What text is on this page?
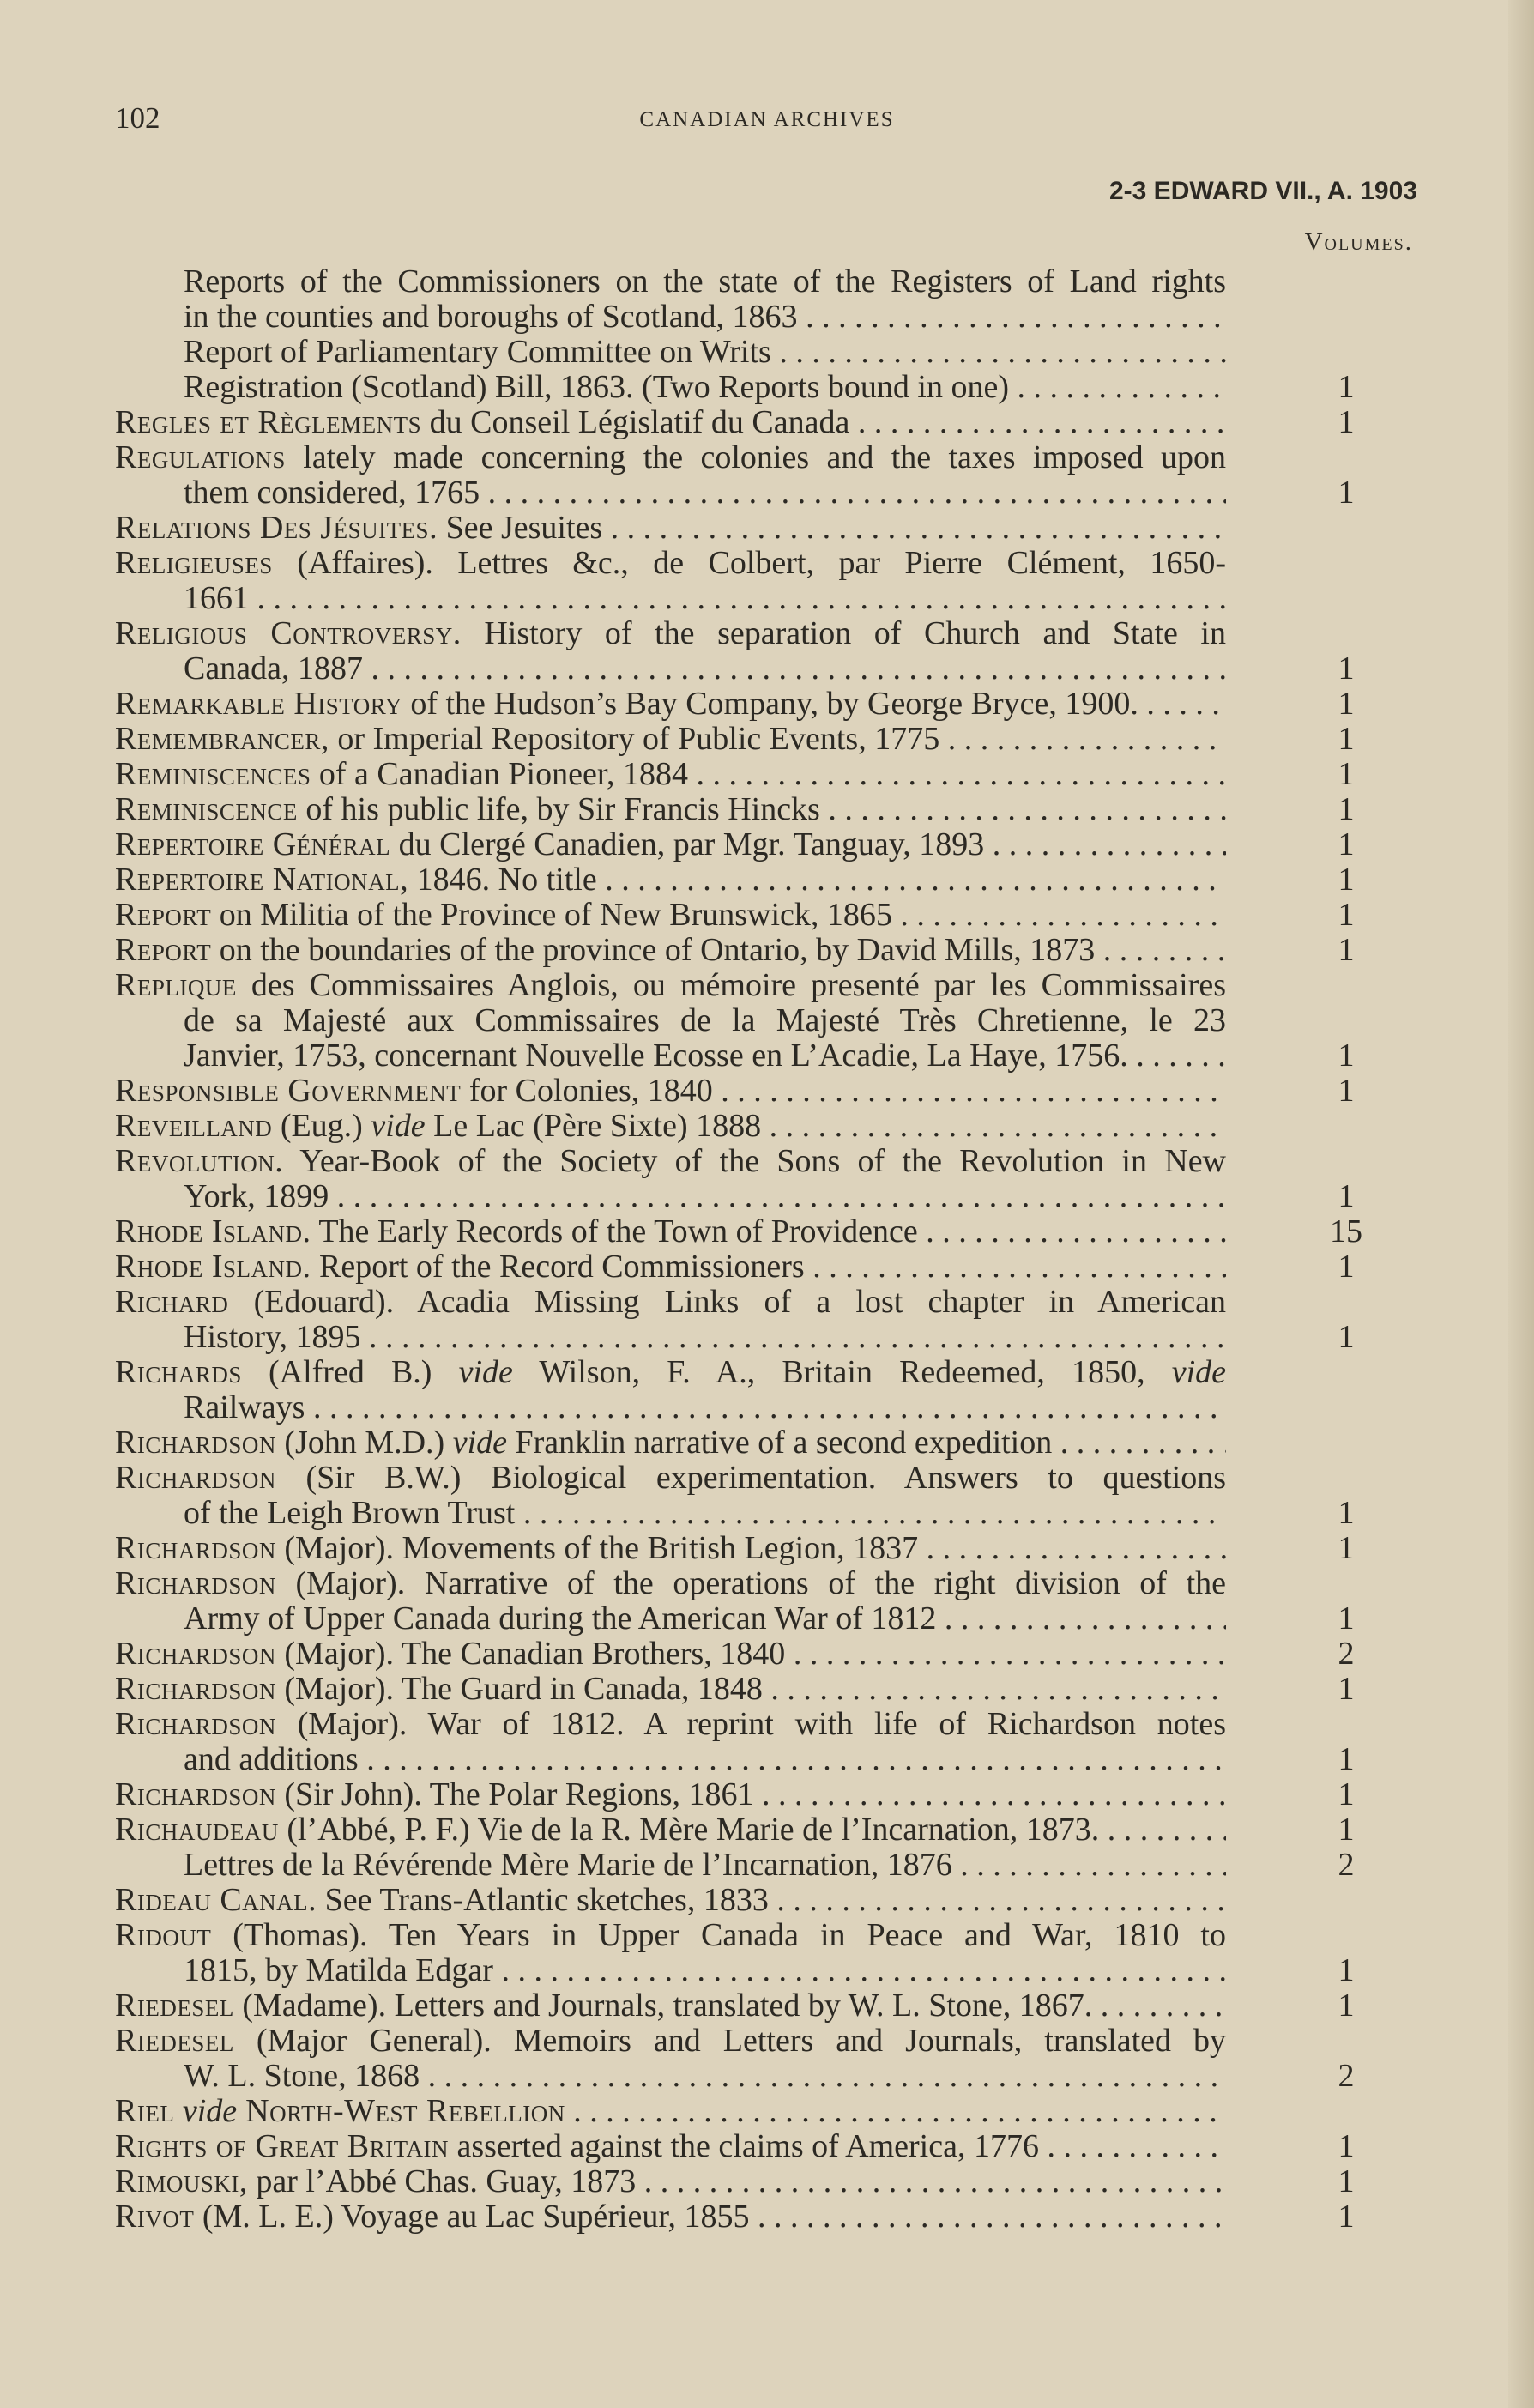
102	CANADIAN ARCHIVES
2-3 EDWARD VII., A. 1903
Volumes.
Reports of the Commissioners on the state of the Registers of Land rights
in the counties and boroughs of Scotland, 1863 . . .
Report of Parliamentary Committee on Writs . . .
Registration (Scotland) Bill, 1863. (Two Reports bound in one) . . .	1
Regles et Règlements du Conseil Législatif du Canada . . .	1
Regulations lately made concerning the colonies and the taxes imposed upon
them considered, 1765 . . .	1
Relations Des Jésuites. See Jesuites . . .
Religieuses (Affaires). Lettres &c., de Colbert, par Pierre Clément, 1650-
1661 . . .
Religious Controversy. History of the separation of Church and State in
Canada, 1887 . . .	1
Remarkable History of the Hudson’s Bay Company, by George Bryce, 1900. . . .	1
Remembrancer, or Imperial Repository of Public Events, 1775 . . .	1
Reminiscences of a Canadian Pioneer, 1884 . . .	1
Reminiscence of his public life, by Sir Francis Hincks . . .	1
Repertoire Général du Clergé Canadien, par Mgr. Tanguay, 1893 . . .	1
Repertoire National, 1846. No title . . .	1
Report on Militia of the Province of New Brunswick, 1865 . . .	1
Report on the boundaries of the province of Ontario, by David Mills, 1873 . . .	1
Replique des Commissaires Anglois, ou mémoire presenté par les Commissaires
de sa Majesté aux Commissaires de la Majesté Très Chretienne, le 23
Janvier, 1753, concernant Nouvelle Ecosse en L’Acadie, La Haye, 1756. . . .	1
Responsible Government for Colonies, 1840 . . .	1
Reveilland (Eug.) vide Le Lac (Père Sixte) 1888 . . .
Revolution. Year-Book of the Society of the Sons of the Revolution in New
York, 1899 . . .	1
Rhode Island. The Early Records of the Town of Providence . . .	15
Rhode Island. Report of the Record Commissioners . . .	1
Richard (Edouard). Acadia Missing Links of a lost chapter in American
History, 1895 . . .	1
Richards (Alfred B.) vide Wilson, F. A., Britain Redeemed, 1850, vide
Railways . . .
Richardson (John M.D.) vide Franklin narrative of a second expedition . . .
Richardson (Sir B.W.) Biological experimentation. Answers to questions
of the Leigh Brown Trust . . .	1
Richardson (Major). Movements of the British Legion, 1837 . . .	1
Richardson (Major). Narrative of the operations of the right division of the
Army of Upper Canada during the American War of 1812 . . .	1
Richardson (Major). The Canadian Brothers, 1840 . . .	2
Richardson (Major). The Guard in Canada, 1848 . . .	1
Richardson (Major). War of 1812. A reprint with life of Richardson notes
and additions . . .	1
Richardson (Sir John). The Polar Regions, 1861 . . .	1
Richaudeau (l’Abbé, P. F.) Vie de la R. Mère Marie de l’Incarnation, 1873. . . .	1
Lettres de la Révérende Mère Marie de l’Incarnation, 1876 . . .	2
Rideau Canal. See Trans-Atlantic sketches, 1833 . . .
Ridout (Thomas). Ten Years in Upper Canada in Peace and War, 1810 to
1815, by Matilda Edgar . . .	1
Riedesel (Madame). Letters and Journals, translated by W. L. Stone, 1867. . . .	1
Riedesel (Major General). Memoirs and Letters and Journals, translated by
W. L. Stone, 1868 . . .	2
Riel vide North-West Rebellion . . .
Rights of Great Britain asserted against the claims of America, 1776 . . .	1
Rimouski, par l’Abbé Chas. Guay, 1873 . . .	1
Rivot (M. L. E.) Voyage au Lac Supérieur, 1855 . . .	1
